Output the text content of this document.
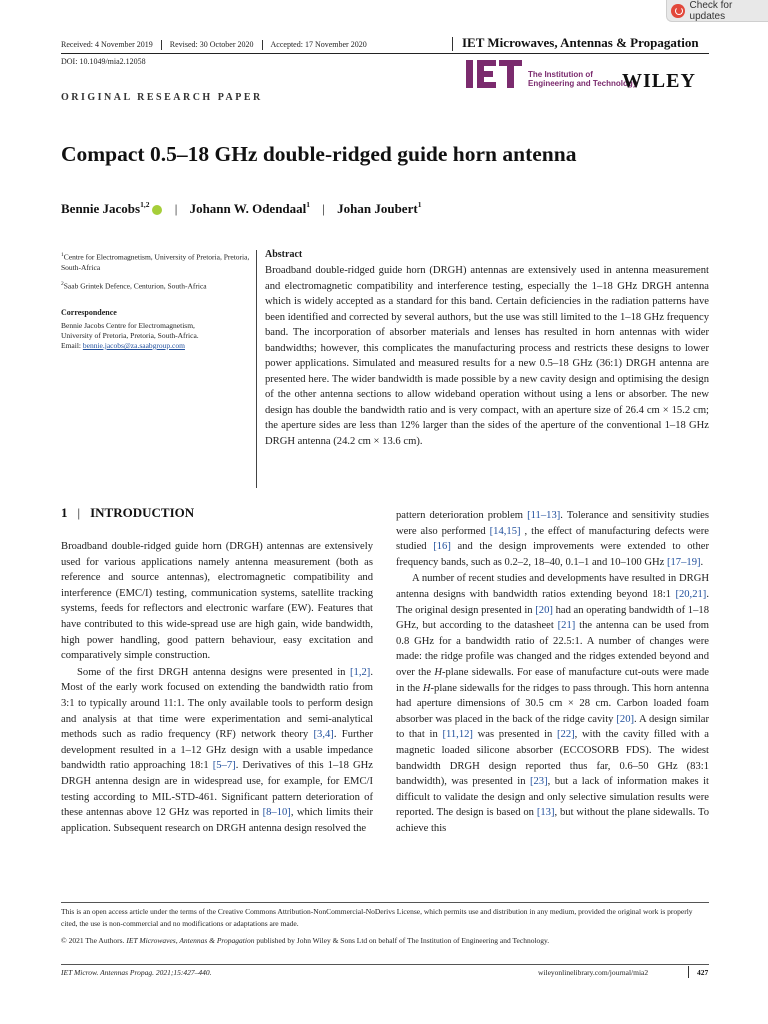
Check for updates
Received: 4 November 2019 Revised: 30 October 2020 Accepted: 17 November 2020	IET Microwaves, Antennas & Propagation
DOI: 10.1049/mia2.12058
The Institution of
Engineering and Technology
WILEY
ORIGINAL RESEARCH PAPER
Compact 0.5–18 GHz double-ridged guide horn antenna
Bennie Jacobs$^{1,2}$ | Johann W. Odendaal$^1$ | Johan Joubert$^1$
$^1$Centre for Electromagnetism, University of Pretoria, Pretoria, South-Africa
$^2$Saab Grintek Defence, Centurion, South-Africa
Correspondence
Bennie Jacobs Centre for Electromagnetism,
University of Pretoria, Pretoria, South-Africa.
Email: bennie.jacobs@za.saabgroup.com
Abstract
Broadband double-ridged guide horn (DRGH) antennas are extensively used in antenna measurement and electromagnetic compatibility and interference testing, especially the 1–18 GHz DRGH antenna which is widely accepted as a standard for this band. Certain deficiencies in the radiation patterns have been identified and corrected by several authors, but the use was still limited to the 1–18 GHz frequency band. The incorporation of absorber materials and lenses has resulted in horn antennas with wider bandwidths; however, this complicates the manufacturing process and restricts these designs to lower power applications. Simulated and measured results for a new 0.5–18 GHz (36:1) DRGH antenna are presented here. The wider bandwidth is made possible by a new cavity design and optimising the design of the other antenna sections to allow wideband operation without using a lens or absorber. The new design has double the bandwidth ratio and is very compact, with an aperture size of 26.4 cm × 15.2 cm; the aperture sides are less than 12% larger than the sides of the aperture of the conventional 1–18 GHz DRGH antenna (24.2 cm × 13.6 cm).
1 | INTRODUCTION

Broadband double-ridged guide horn (DRGH) antennas are extensively used for various applications namely antenna measurement (both as reference and source antennas), electromagnetic compatibility and interference (EMC/I) testing, communication systems, satellite tracking systems, feeds for reflectors and electronic warfare (EW). Features that have contributed to this wide-spread use are high gain, wide bandwidth, high power handling, good pattern behaviour, easy excitation and comparatively simple construction.

Some of the first DRGH antenna designs were presented in [1,2]. Most of the early work focused on extending the bandwidth ratio from 3:1 to typically around 11:1. The only available tools to perform design and analysis at that time were experimentation and semi-analytical methods such as radio frequency (RF) network theory [3,4]. Further development resulted in a 1–12 GHz design with a usable impedance bandwidth ratio approaching 18:1 [5–7]. Derivatives of this 1–18 GHz DRGH antenna design are in widespread use, for example, for EMC/I testing according to MIL-STD-461. Significant pattern deterioration of these antennas above 12 GHz was reported in [8–10], which limits their application. Subsequent research on DRGH antenna design resolved the

pattern deterioration problem [11–13]. Tolerance and sensitivity studies were also performed [14,15] , the effect of manufacturing defects were studied [16] and the design improvements were extended to other frequency bands, such as 0.2–2, 18–40, 0.1–1 and 10–100 GHz [17–19].

A number of recent studies and developments have resulted in DRGH antenna designs with bandwidth ratios extending beyond 18:1 [20,21]. The original design presented in [20] had an operating bandwidth of 1–18 GHz, but according to the datasheet [21] the antenna can be used from 0.8 GHz for a bandwidth ratio of 22.5:1. A number of changes were made: the ridge profile was changed and the ridges extended beyond and over the H-plane sidewalls. For ease of manufacture cut-outs were made in the H-plane sidewalls for the ridges to pass through. This horn antenna had aperture dimensions of 30.5 cm × 28 cm. Carbon loaded foam absorber was placed in the back of the ridge cavity [20]. A design similar to that in [11,12] was presented in [22], with the cavity filled with a magnetic loaded silicone absorber (ECCOSORB FDS). The widest bandwidth DRGH design reported thus far, 0.6–50 GHz (83:1 bandwidth), was presented in [23], but a lack of information makes it difficult to validate the design and only selective simulation results were reported. The design is based on [13], but without the plane sidewalls. To achieve this

This is an open access article under the terms of the Creative Commons Attribution-NonCommercial-NoDerivs License, which permits use and distribution in any medium, provided the original work is properly cited, the use is non-commercial and no modifications or adaptations are made.
© 2021 The Authors. IET Microwaves, Antennas & Propagation published by John Wiley & Sons Ltd on behalf of The Institution of Engineering and Technology.
IET Microw. Antennas Propag. 2021;15:427–440.	wileyonlinelibrary.com/journal/mia2	427
